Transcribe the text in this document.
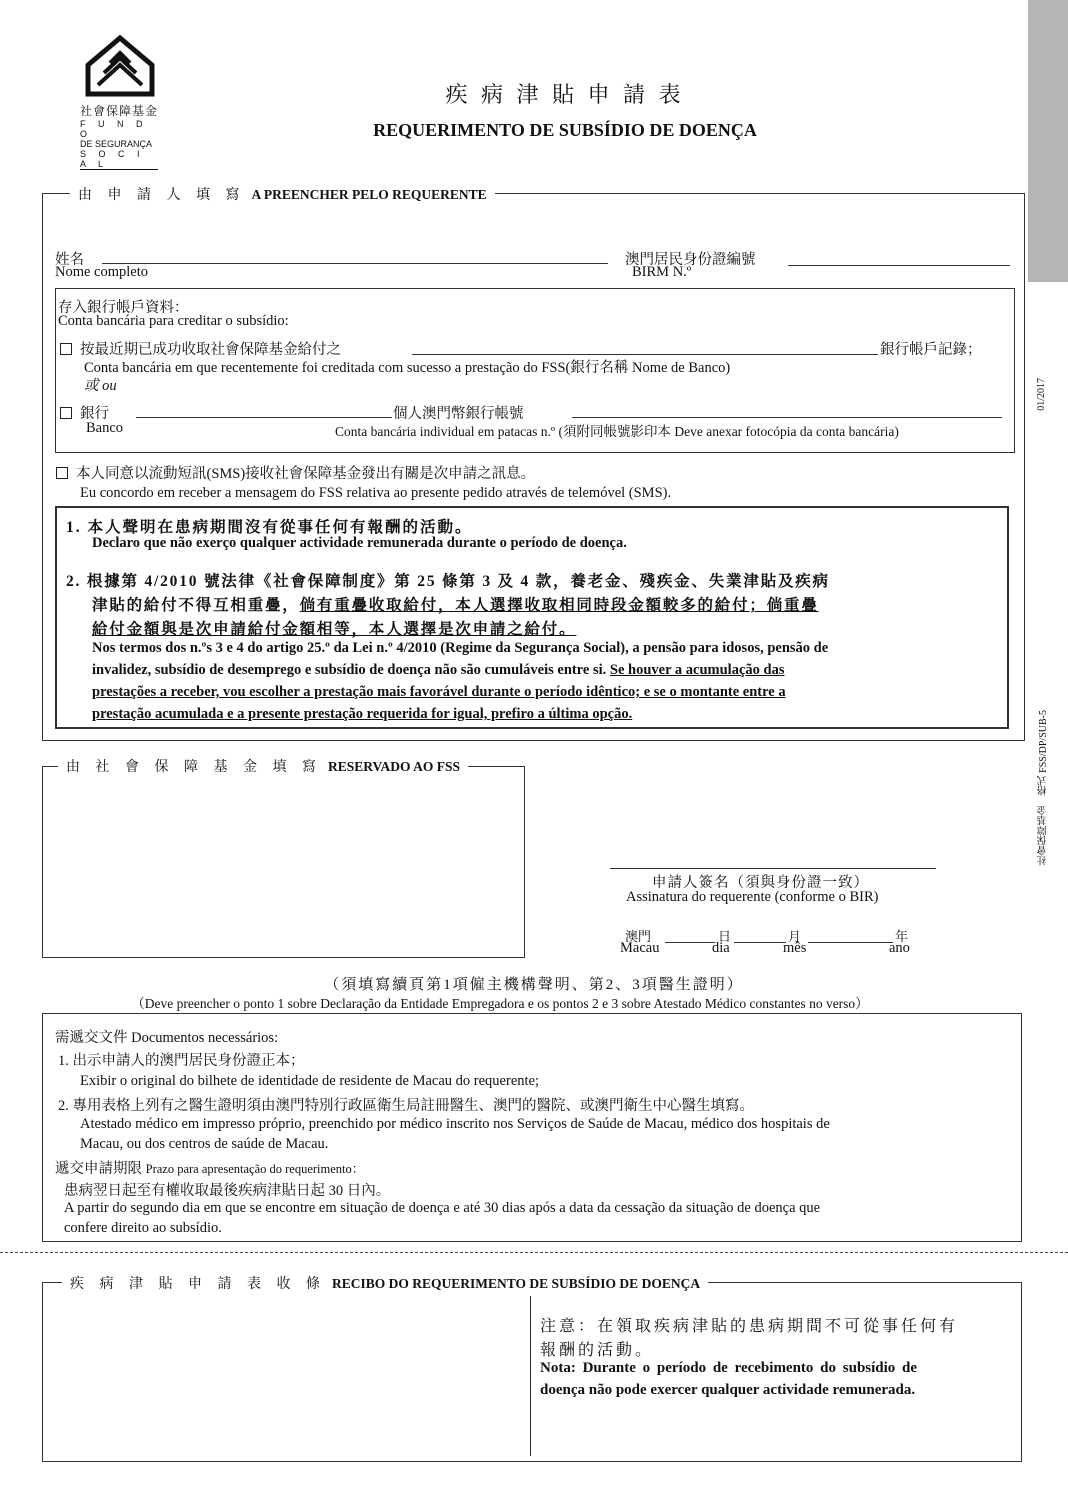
01/2017
社會保障基金　格式 FSS/DP/SUB-5
社會保障基金
F U N D O
DE SEGURANÇA
S O C I A L
疾 病 津 貼 申 請 表
REQUERIMENTO DE SUBSÍDIO DE DOENÇA
由 申 請 人 填 寫 A PREENCHER PELO REQUERENTE
姓名
Nome completo
澳門居民身份證編號
BIRM N.º
存入銀行帳戶資料：
Conta bancária para creditar o subsídio:
按最近期已成功收取社會保障基金給付之	銀行帳戶記錄；
Conta bancária em que recentemente foi creditada com sucesso a prestação do FSS(銀行名稱 Nome de Banco)
或 ou
銀行
Banco
個人澳門幣銀行帳號
Conta bancária individual em patacas n.º (須附同帳號影印本 Deve anexar fotocópia da conta bancária)
本人同意以流動短訊(SMS)接收社會保障基金發出有關是次申請之訊息。
Eu concordo em receber a mensagem do FSS relativa ao presente pedido através de telemóvel (SMS).
1. 本人聲明在患病期間沒有從事任何有報酬的活動。
Declaro que não exerço qualquer actividade remunerada durante o período de doença.
2. 根據第 4/2010 號法律《社會保障制度》第 25 條第 3 及 4 款，養老金、殘疾金、失業津貼及疾病
津貼的給付不得互相重疊，倘有重疊收取給付，本人選擇收取相同時段金額較多的給付；倘重疊
給付金額與是次申請給付金額相等，本人選擇是次申請之給付。
Nos termos dos n.ºs 3 e 4 do artigo 25.º da Lei n.º 4/2010 (Regime da Segurança Social), a pensão para idosos, pensão de
invalidez, subsídio de desemprego e subsídio de doença não são cumuláveis entre si. Se houver a acumulação das
prestações a receber, vou escolher a prestação mais favorável durante o período idêntico; e se o montante entre a
prestação acumulada e a presente prestação requerida for igual, prefiro a última opção.
由 社 會 保 障 基 金 填 寫 RESERVADO AO FSS
申請人簽名（須與身份證一致）
Assinatura do requerente (conforme o BIR)
澳門
Macau
日
dia
月
mês
年
ano
（須填寫續頁第1項僱主機構聲明、第2、3項醫生證明）
（Deve preencher o ponto 1 sobre Declaração da Entidade Empregadora e os pontos 2 e 3 sobre Atestado Médico constantes no verso）
需遞交文件 Documentos necessários:
1. 出示申請人的澳門居民身份證正本；
Exibir o original do bilhete de identidade de residente de Macau do requerente;
2. 專用表格上列有之醫生證明須由澳門特別行政區衛生局註冊醫生、澳門的醫院、或澳門衛生中心醫生填寫。
Atestado médico em impresso próprio, preenchido por médico inscrito nos Serviços de Saúde de Macau, médico dos hospitais de
Macau, ou dos centros de saúde de Macau.
遞交申請期限 Prazo para apresentação do requerimento：
患病翌日起至有權收取最後疾病津貼日起 30 日內。
A partir do segundo dia em que se encontre em situação de doença e até 30 dias após a data da cessação da situação de doença que
confere direito ao subsídio.
疾 病 津 貼 申 請 表 收 條 RECIBO DO REQUERIMENTO DE SUBSÍDIO DE DOENÇA
注意：在領取疾病津貼的患病期間不可從事任何有
報酬的活動。
Nota: Durante o período de recebimento do subsídio de
doença não pode exercer qualquer actividade remunerada.
